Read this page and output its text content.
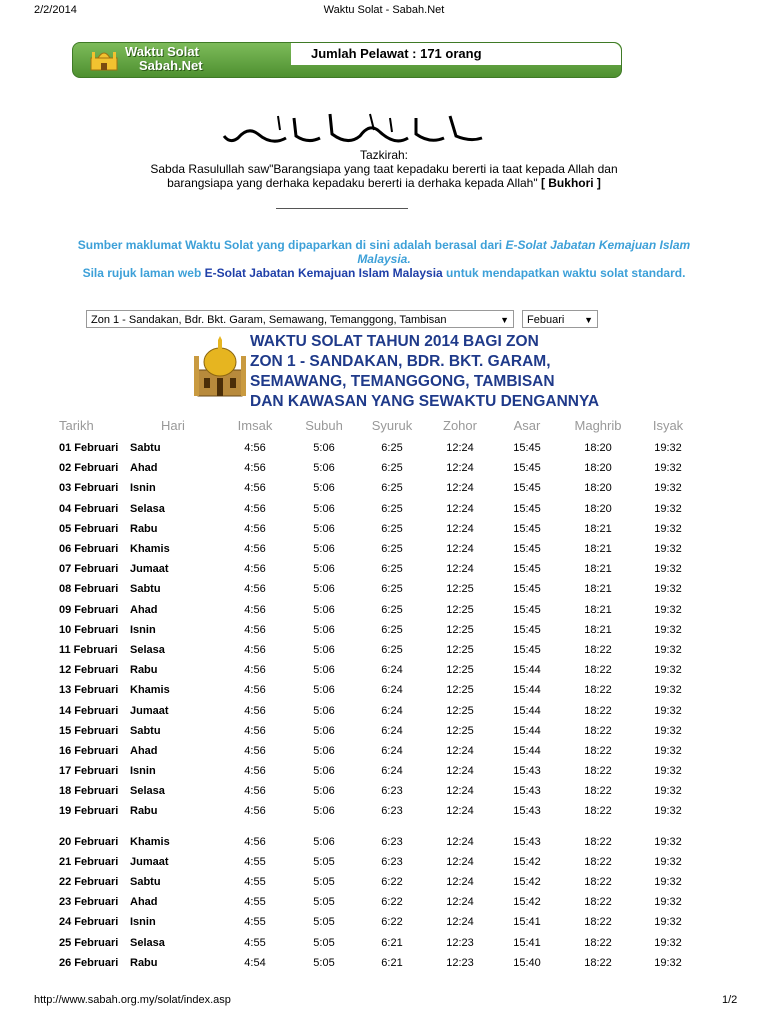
2/2/2014	Waktu Solat - Sabah.Net
Waktu Solat
Sabah.Net
Jumlah Pelawat : 171 orang
Tazkirah:
Sabda Rasulullah saw"Barangsiapa yang taat kepadaku bererti ia taat kepada Allah dan
barangsiapa yang derhaka kepadaku bererti ia derhaka kepada Allah" [ Bukhori ]
Sumber maklumat Waktu Solat yang dipaparkan di sini adalah berasal dari E-Solat Jabatan Kemajuan Islam Malaysia.
Sila rujuk laman web E-Solat Jabatan Kemajuan Islam Malaysia untuk mendapatkan waktu solat standard.
Zon 1 - Sandakan, Bdr. Bkt. Garam, Semawang, Temanggong, Tambisan	▼	Febuari ▼
WAKTU SOLAT TAHUN 2014 BAGI ZON
ZON 1 - SANDAKAN, BDR. BKT. GARAM,
SEMAWANG, TEMANGGONG, TAMBISAN
DAN KAWASAN YANG SEWAKTU DENGANNYA
Tarikh	Hari	Imsak	Subuh	Syuruk	Zohor	Asar	Maghrib	Isyak
01 Februari	Sabtu	4:56	5:06	6:25	12:24	15:45	18:20	19:32
02 Februari	Ahad	4:56	5:06	6:25	12:24	15:45	18:20	19:32
03 Februari	Isnin	4:56	5:06	6:25	12:24	15:45	18:20	19:32
04 Februari	Selasa	4:56	5:06	6:25	12:24	15:45	18:20	19:32
05 Februari	Rabu	4:56	5:06	6:25	12:24	15:45	18:21	19:32
06 Februari	Khamis	4:56	5:06	6:25	12:24	15:45	18:21	19:32
07 Februari	Jumaat	4:56	5:06	6:25	12:24	15:45	18:21	19:32
08 Februari	Sabtu	4:56	5:06	6:25	12:25	15:45	18:21	19:32
09 Februari	Ahad	4:56	5:06	6:25	12:25	15:45	18:21	19:32
10 Februari	Isnin	4:56	5:06	6:25	12:25	15:45	18:21	19:32
11 Februari	Selasa	4:56	5:06	6:25	12:25	15:45	18:22	19:32
12 Februari	Rabu	4:56	5:06	6:24	12:25	15:44	18:22	19:32
13 Februari	Khamis	4:56	5:06	6:24	12:25	15:44	18:22	19:32
14 Februari	Jumaat	4:56	5:06	6:24	12:25	15:44	18:22	19:32
15 Februari	Sabtu	4:56	5:06	6:24	12:25	15:44	18:22	19:32
16 Februari	Ahad	4:56	5:06	6:24	12:24	15:44	18:22	19:32
17 Februari	Isnin	4:56	5:06	6:24	12:24	15:43	18:22	19:32
18 Februari	Selasa	4:56	5:06	6:23	12:24	15:43	18:22	19:32
19 Februari	Rabu	4:56	5:06	6:23	12:24	15:43	18:22	19:32

20 Februari	Khamis	4:56	5:06	6:23	12:24	15:43	18:22	19:32
21 Februari	Jumaat	4:55	5:05	6:23	12:24	15:42	18:22	19:32
22 Februari	Sabtu	4:55	5:05	6:22	12:24	15:42	18:22	19:32
23 Februari	Ahad	4:55	5:05	6:22	12:24	15:42	18:22	19:32
24 Februari	Isnin	4:55	5:05	6:22	12:24	15:41	18:22	19:32
25 Februari	Selasa	4:55	5:05	6:21	12:23	15:41	18:22	19:32
26 Februari	Rabu	4:54	5:05	6:21	12:23	15:40	18:22	19:32
http://www.sabah.org.my/solat/index.asp	1/2
